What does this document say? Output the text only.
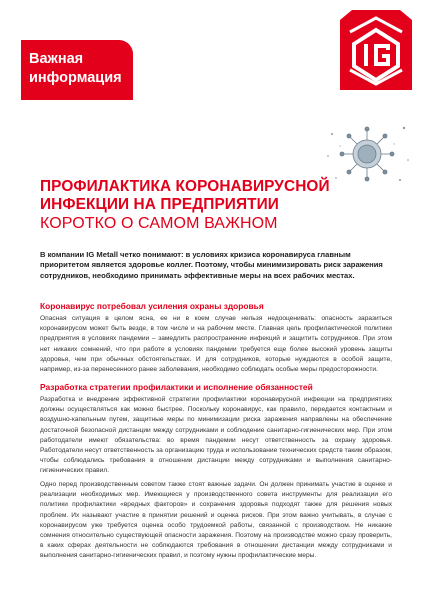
Важная
информация
ПРОФИЛАКТИКА КОРОНАВИРУСНОЙ
ИНФЕКЦИИ НА ПРЕДПРИЯТИИ
КОРОТКО О САМОМ ВАЖНОМ
В компании IG Metall четко понимают: в условиях кризиса коронавируса главным приоритетом является здоровье коллег. Поэтому, чтобы минимизировать риск заражения сотрудников, необходимо принимать эффективные меры на всех рабочих местах.
Коронавирус потребовал усиления охраны здоровья

Опасная ситуация в целом ясна, ее ни в коем случае нельзя недооценивать: опасность заразиться коронавирусом может быть везде, в том числе и на рабочем месте. Главная цель профилактической политики предприятия в условиях пандемии – замедлить распространение инфекций и защитить сотрудников. При этом нет никаких сомнений, что при работе в условиях пандемии требуется еще более высокий уровень защиты здоровья, чем при обычных обстоятельствах. И для сотрудников, которые нуждаются в особой защите, например, из-за перенесенного ранее заболевания, необходимо соблюдать особые меры предосторожности.

Разработка стратегии профилактики и исполнение обязанностей

Разработка и внедрение эффективной стратегии профилактики коронавирусной инфекции на предприятиях должны осуществляться как можно быстрее. Поскольку коронавирус, как правило, передается контактным и воздушно-капельным путем, защитные меры по минимизации риска заражения направлены на обеспечение достаточной безопасной дистанции между сотрудниками и соблюдение санитарно-гигиенических мер. При этом работодатели имеют обязательства: во время пандемии несут ответственность за охрану здоровья. Работодатели несут ответственность за организацию труда и использование технических средств таким образом, чтобы соблюдались требования в отношении дистанции между сотрудниками и выполнения санитарно-гигиенических правил.

Одно перед производственным советом также стоят важные задачи. Он должен принимать участие в оценке и реализации необходимых мер. Имеющиеся у производственного совета инструменты для реализации его политики профилактики «вредных факторов» и сохранения здоровья подходят также для решения новых проблем. Их называют участие в принятии решений и оценка рисков. При этом важно учитывать, в случае с коронавирусом уже требуется оценка особо трудоемкой работы, связанной с производством. Не никакие сомнения относительно существующей опасности заражения. Поэтому на производстве можно сразу проверить, в каких сферах деятельности не соблюдаются требования в отношении дистанции между сотрудниками и выполнения санитарно-гигиенических правил, и поэтому нужны профилактические меры.
